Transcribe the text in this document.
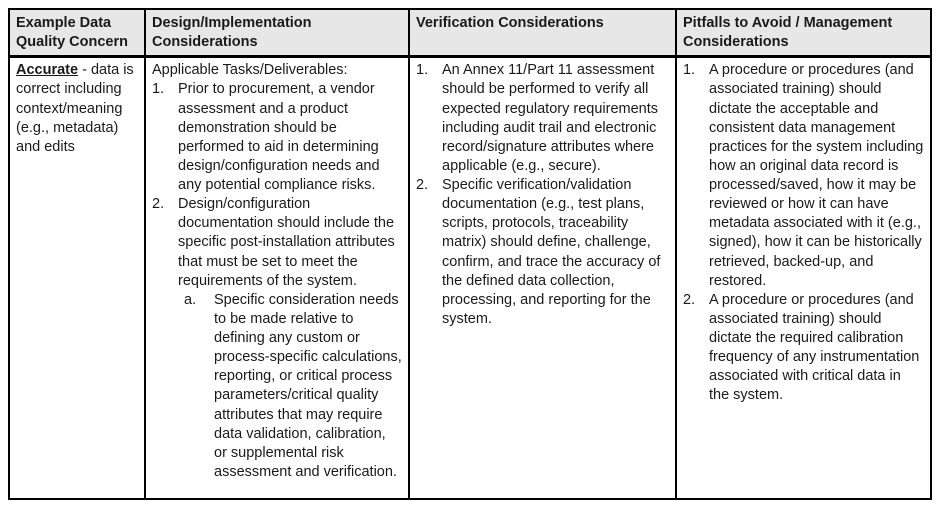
Example Data Quality Concern
Design/Implementation Considerations
Verification Considerations	Pitfalls to Avoid / Management Considerations
Accurate - data is correct including context/meaning (e.g., metadata) and edits
Applicable Tasks/Deliverables:
1. Prior to procurement, a vendor assessment and a product demonstration should be performed to aid in determining design/configuration needs and any potential compliance risks.
2. Design/configuration documentation should include the specific post-installation attributes that must be set to meet the requirements of the system.
a.	Specific consideration needs to be made relative to defining any custom or process-specific calculations, reporting, or critical process parameters/critical quality attributes that may require data validation, calibration, or supplemental risk assessment and verification.
1. An Annex 11/Part 11 assessment should be performed to verify all expected regulatory requirements including audit trail and electronic record/signature attributes where applicable (e.g., secure).
2. Specific verification/validation documentation (e.g., test plans, scripts, protocols, traceability matrix) should define, challenge, confirm, and trace the accuracy of the defined data collection, processing, and reporting for the system.
1. A procedure or procedures (and associated training) should dictate the acceptable and consistent data management practices for the system including how an original data record is processed/saved, how it may be reviewed or how it can have metadata associated with it (e.g., signed), how it can be historically retrieved, backed-up, and restored.
2. A procedure or procedures (and associated training) should dictate the required calibration frequency of any instrumentation associated with critical data in the system.
